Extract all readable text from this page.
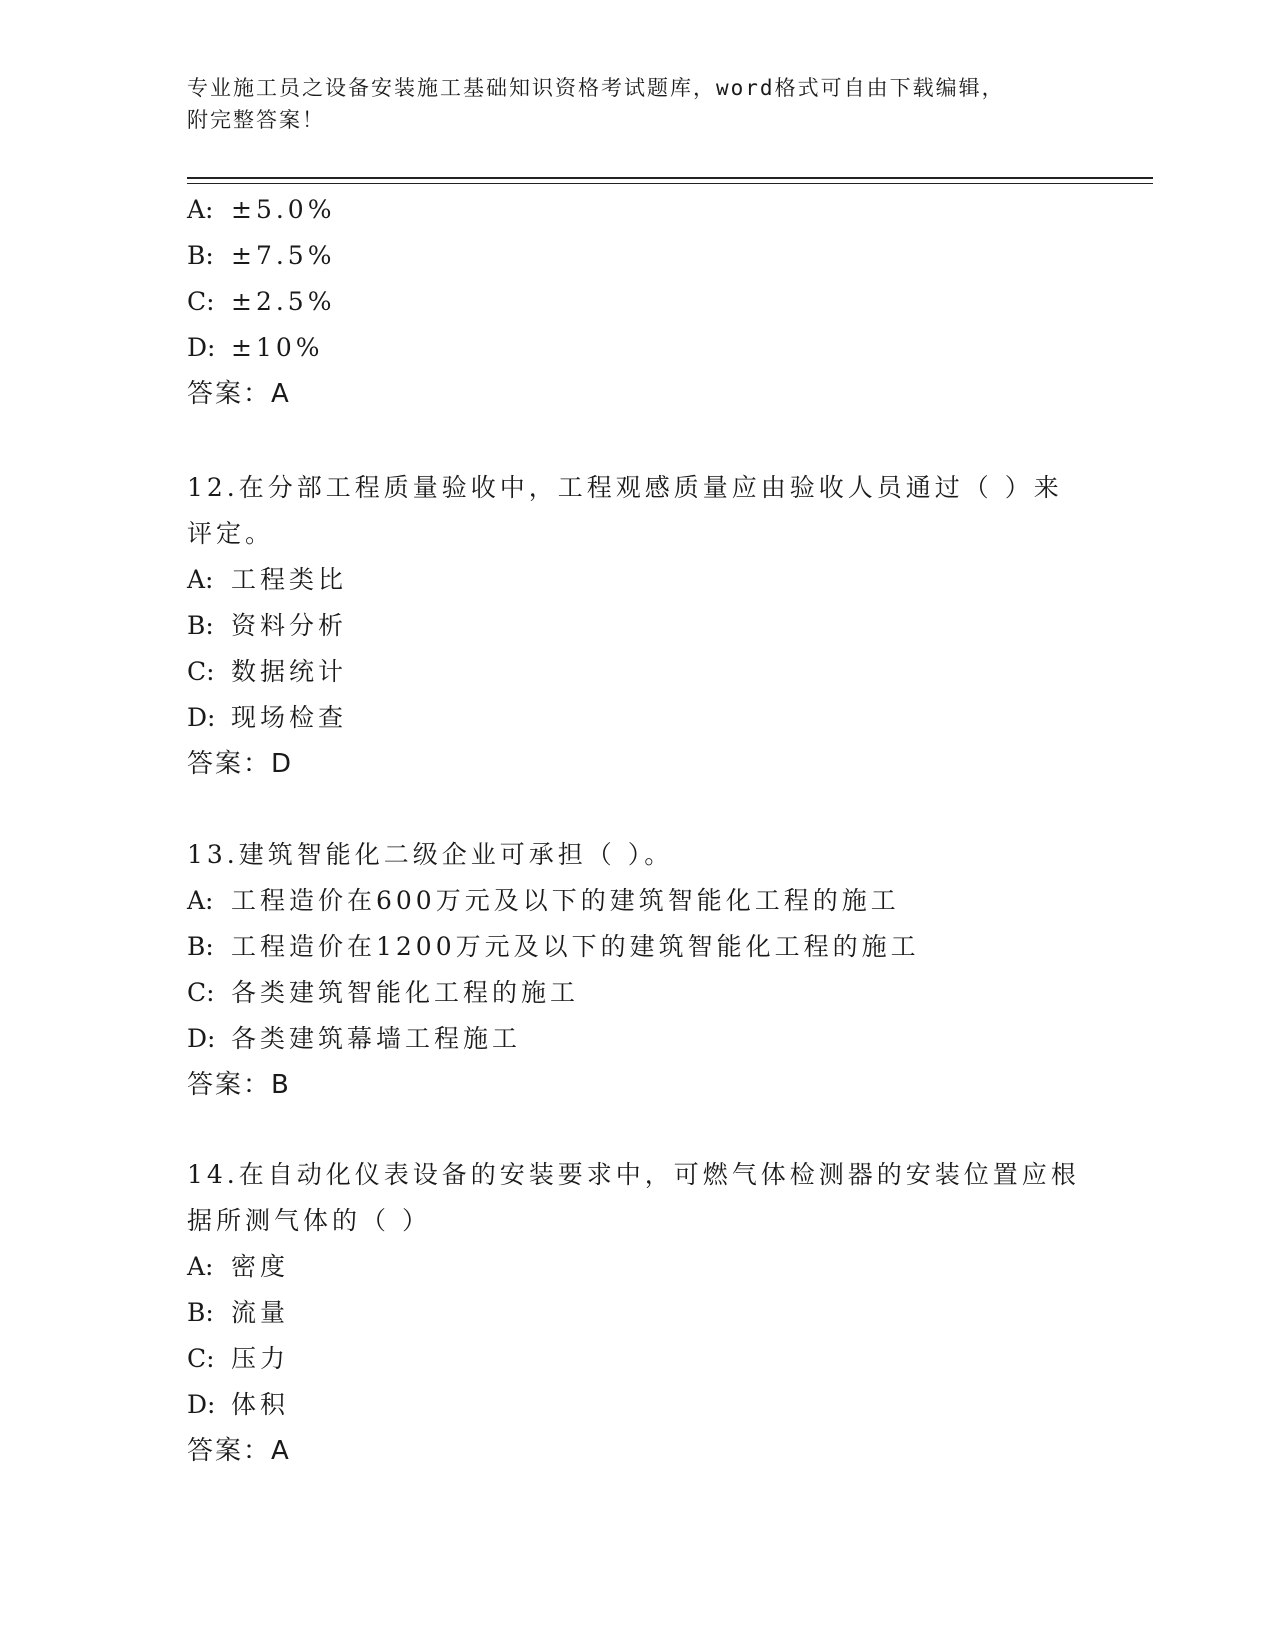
专业施工员之设备安装施工基础知识资格考试题库，word格式可自由下载编辑，
附完整答案！
A: ±5.0%
B: ±7.5%
C: ±2.5%
D: ±10%
答案：A
12.在分部工程质量验收中，工程观感质量应由验收人员通过（ ）来
评定。
A: 工程类比
B: 资料分析
C: 数据统计
D: 现场检查
答案：D
13.建筑智能化二级企业可承担（ ）。
A: 工程造价在600万元及以下的建筑智能化工程的施工
B: 工程造价在1200万元及以下的建筑智能化工程的施工
C: 各类建筑智能化工程的施工
D: 各类建筑幕墙工程施工
答案：B
14.在自动化仪表设备的安装要求中，可燃气体检测器的安装位置应根
据所测气体的（ ）
A: 密度
B: 流量
C: 压力
D: 体积
答案：A
